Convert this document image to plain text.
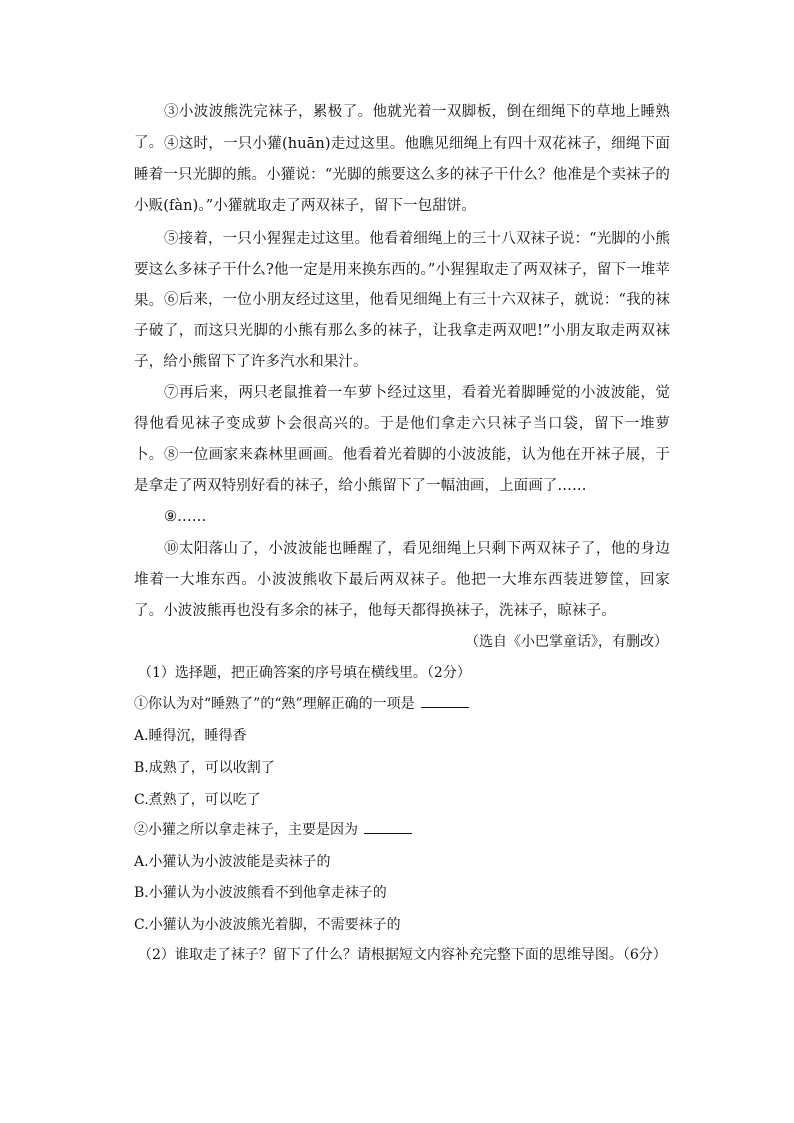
③小波波熊洗完袜子，累极了。他就光着一双脚板，倒在细绳下的草地上睡熟了。 ④这时，一只小獾(huān)走过这里。他瞧见细绳上有四十双花袜子，细绳下面睡着一只光脚的熊。小獾说：“光脚的熊要这么多的袜子干什么？他准是个卖袜子的小贩(fàn)。”小獾就取走了两双袜子，留下一包甜饼。

⑤接着，一只小猩猩走过这里。他看着细绳上的三十八双袜子说：“光脚的小熊要这么多袜子干什么?他一定是用来换东西的。”小猩猩取走了两双袜子，留下一堆苹果。 ⑥后来，一位小朋友经过这里，他看见细绳上有三十六双袜子，就说：“我的袜子破了，而这只光脚的小熊有那么多的袜子，让我拿走两双吧!”小朋友取走两双袜子，给小熊留下了许多汽水和果汁。

⑦再后来，两只老鼠推着一车萝卜经过这里，看着光着脚睡觉的小波波能，觉得他看见袜子变成萝卜会很高兴的。于是他们拿走六只袜子当口袋，留下一堆萝卜。 ⑧一位画家来森林里画画。他看着光着脚的小波波能，认为他在开袜子展，于是拿走了两双特别好看的袜子，给小熊留下了一幅油画，上面画了……

⑨……

⑩太阳落山了，小波波能也睡醒了，看见细绳上只剩下两双袜子了，他的身边堆着一大堆东西。小波波熊收下最后两双袜子。他把一大堆东西装进箩筐，回家了。小波波熊再也没有多余的袜子，他每天都得换袜子，洗袜子，晾袜子。

（选自《小巴掌童话》，有删改）

（1）选择题，把正确答案的序号填在横线里。（2分）

①你认为对“睡熟了”的“熟”理解正确的一项是

A.睡得沉，睡得香

B.成熟了，可以收割了

C.煮熟了，可以吃了

②小獾之所以拿走袜子，主要是因为

A.小獾认为小波波能是卖袜子的

B.小獾认为小波波熊看不到他拿走袜子的

C.小獾认为小波波熊光着脚，不需要袜子的

（2）谁取走了袜子？留下了什么？请根据短文内容补充完整下面的思维导图。（6分）
